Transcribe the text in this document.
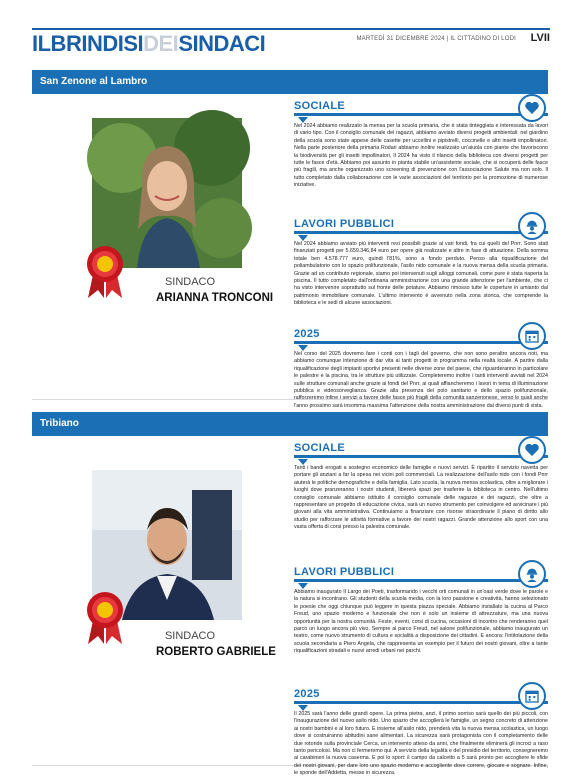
ILBRINDISIDEISINDACI	MARTEDÌ 31 DICEMBRE 2024 | IL CITTADINO DI LODI LVII
San Zenone al Lambro
SINDACO
ARIANNA TRONCONI
SOCIALE
Nel 2024 abbiamo realizzato la mensa per la scuola primaria, che è stata tinteggiata e interessata da lavori di vario tipo. Con il consiglio comunale dei ragazzi, abbiamo avviato diversi progetti ambientali: nel giardino della scuola sono state appese delle casette per uccellini e pipistrelli, coccinelle e altri insetti impollinatori. Nella parte posteriore della primaria Rodari abbiamo inoltre realizzato un'aiuola con piante che favoriscono la biodiversità per gli insetti impollinatori. Il 2024 ha visto il rilancio della biblioteca con diversi progetti per tutte le fasce d'età. Abbiamo poi assunto in pianta stabile un'assistente sociale, che si occuperà delle fasce più fragili, ma anche organizzato uno screening di prevenzione con l'associazione Salute ma non solo. Il tutto completato dalla collaborazione con le varie associazioni del territorio per la promozione di numerose iniziative.
LAVORI PUBBLICI
Nel 2024 abbiamo avviato più interventi resi possibili grazie ai vari fondi, fra cui quelli del Pnrr. Sono stati finanziati progetti per 5.659.346,84 euro per opere già realizzate e altre in fase di attuazione. Della somma totale ben 4.578.777 euro, quindi l'81%, sono a fondo perduto. Penso alla riqualificazione del poliambulatorio con lo spazio polifunzionale, l'asilo nido comunale e la nuova mensa della scuola primaria. Grazie ad un contributo regionale, siamo poi intervenuti sugli alloggi comunali, come pure è stata riaperta la piscina. Il tutto completato dall'ordinaria amministrazione con una grande attenzione per l'ambiente, che ci ha visto intervenire soprattutto sul fronte delle potature. Abbiamo rimosso tutte le coperture in amianto dal patrimonio immobiliare comunale. L'ultimo intervento è avvenuto nella zona storica, che comprende la biblioteca e le sedi di alcune associazioni.
2025
Nel corso del 2025 dovremo fare i conti con i tagli del governo, che non sono peraltro ancora noti, ma abbiamo comunque intenzione di dar vita ai tanti progetti in programma nella realtà locale. A partire dalla riqualificazione degli impianti sportivi presenti nelle diverse zone del paese, che riguarderanno in particolare le palestre e la piscina, tra le strutture più utilizzate. Completeremo inoltre i tanti interventi avviati nel 2024 sulle strutture comunali anche grazie ai fondi del Pnrr, ai quali affiancheremo i lavori in tema di illuminazione pubblica e videosorveglianza. Grazie alla presenza del polo sanitario e dello spazio polifunzionale, rafforzeremo infine i servizi a favore delle fasce più fragili della comunità sanzenonese, verso le quali anche l'anno prossimo sarà insomma massima l'attenzione della nostra amministrazione dai diversi punti di vista.
Tribiano
SINDACO
ROBERTO GABRIELE
SOCIALE
Tanti i bandi erogati a sostegno economico delle famiglie e nuovi servizi. È ripartito il servizio navetta per portare gli anziani a far la spesa nei vicini poli commerciali. La realizzazione dell'asilo nido con i fondi Pnrr aiuterà le politiche demografiche e della famiglia. Lato scuola, la nuova mensa scolastica, oltre a migliorare i luoghi dove pranzeranno i nostri studenti, libererà spazi per trasferire la biblioteca in centro. Nell'ultimo consiglio comunale abbiamo istituito il consiglio comunale delle ragazze e dei ragazzi, che oltre a rappresentare un progetto di educazione civica, sarà un nuovo strumento per coinvolgere ed avvicinare i più giovani alla vita amministrativa. Continuiamo a finanziare con risorse straordinarie il piano di diritto allo studio per rafforzare le attività formative a favore dei nostri ragazzi. Grande attenzione allo sport con una vasta offerta di corsi presso la palestra comunale.
LAVORI PUBBLICI
Abbiamo inaugurato Il Largo dei Poeti, trasformando i vecchi orti comunali in un'oasi verde dove le parole e la natura si incontrano. Gli studenti della scuola media, con la loro passione e creatività, hanno selezionato le poesie che oggi chiunque può leggere in questa piazza speciale. Abbiamo installato la cucina al Parco Freud, uno spazio moderno e funzionale che non è solo un insieme di attrezzature, ma una nuova opportunità per la nostra comunità. Feste, eventi, corsi di cucina, occasioni di incontro che renderanno quel parco un luogo ancora più vivo. Sempre al parco Freud, nel salone polifunzionale, abbiamo inaugurato un teatro, come nuovo strumento di cultura e socialità a disposizione dei cittadini. E ancora: l'intitolazione della scuola secondaria a Piero Angela, che rappresenta un esempio per il futuro dei nostri giovani, oltre a tante riqualificazioni stradali e nuovi arredi urbani nei parchi.
2025
Il 2025 sarà l'anno delle grandi opere. La prima pietra, anzi, il primo sorriso sarà quello dei più piccoli, con l'inaugurazione del nuovo asilo nido. Uno spazio che accoglierà le famiglie, un segno concreto di attenzione ai nostri bambini e al loro futuro. E insieme all'asilo nido, prenderà vita la nuova mensa scolastica, un luogo dove si costruiranno abitudini sane alimentari. La sicurezza sarà protagonista con il completamento delle due rotonde sulla provinciale Cerca, un intervento atteso da anni, che finalmente eliminerà gli incroci a raso tanto pericolosi. Ma non ci fermeremo qui. A servizio della legalità e del presidio del territorio, consegneremo ai carabinieri la nuova caserma. E poi lo sport: il campo da calcetto a 5 sarà pronto per accogliere le sfide dei nostri giovani, per dare loro uno spazio moderno e accogliente dove correre, giocare e sognare. Infine, le sponde dell'Addetta, messe in sicurezza.
